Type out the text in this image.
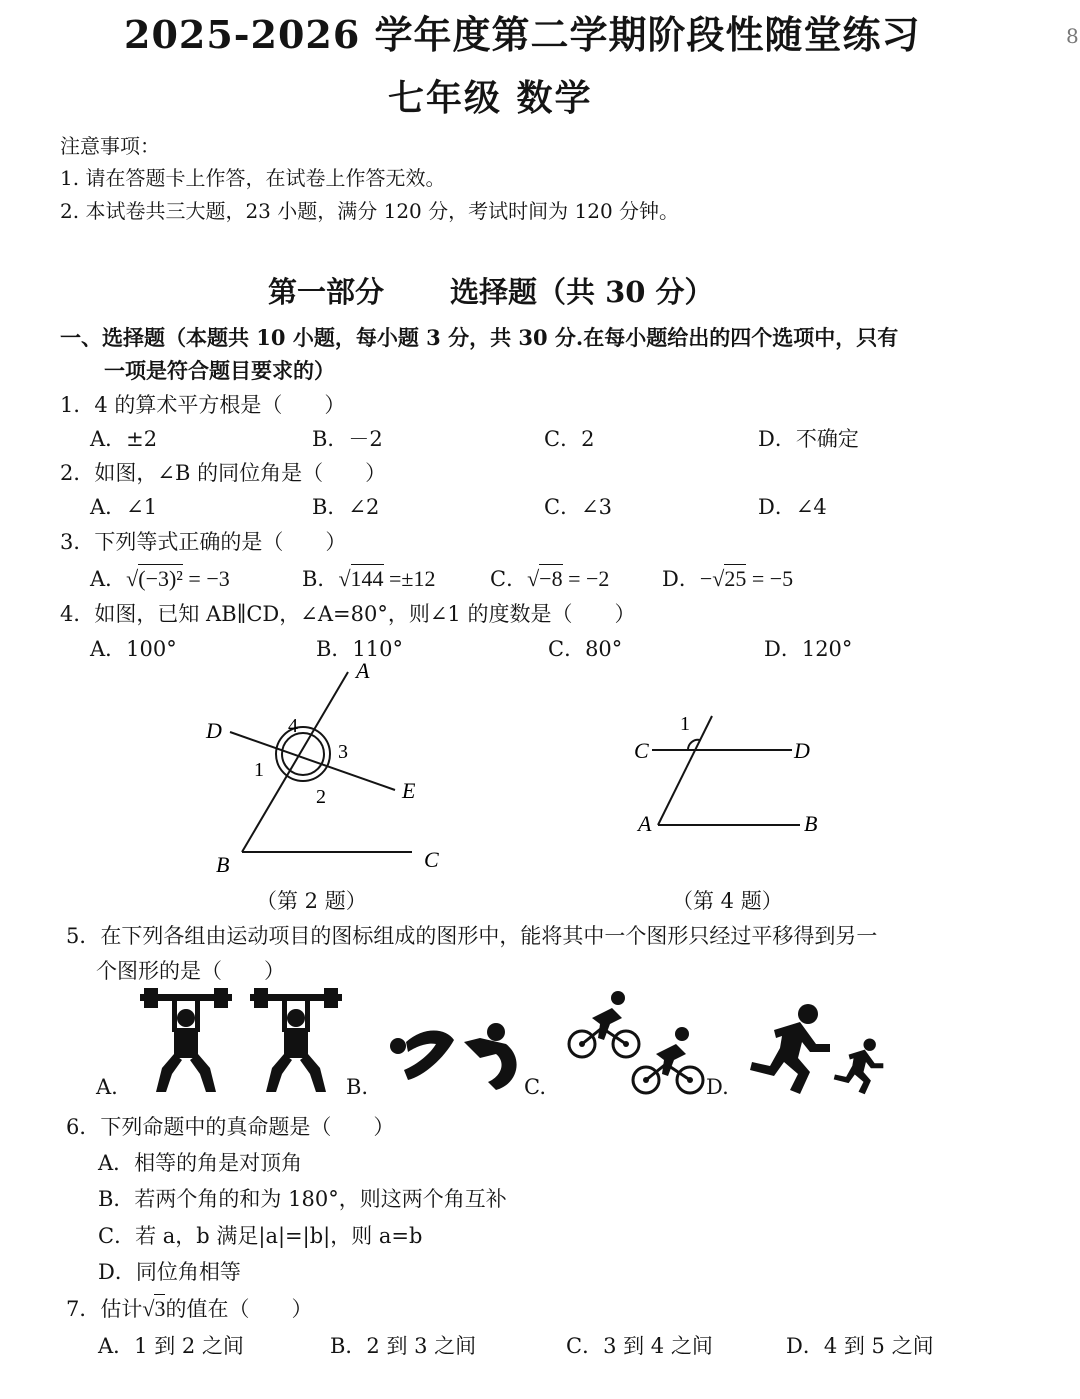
2025-2026 学年度第二学期阶段性随堂练习
七年级 数学
8
注意事项：
1. 请在答题卡上作答，在试卷上作答无效。
2. 本试卷共三大题，23 小题，满分 120 分，考试时间为 120 分钟。
第一部分 选择题（共 30 分）
一、选择题（本题共 10 小题，每小题 3 分，共 30 分.在每小题给出的四个选项中，只有
一项是符合题目要求的）
1．4 的算术平方根是（　　）
A．±2	B．－2	C．2	D．不确定
2．如图，∠B 的同位角是（　　）
A．∠1	B．∠2	C．∠3	D．∠4
3．下列等式正确的是（　　）
A．√(−3)² = −3	B．√144 =±12	C．√−8 = −2	D．−√25 = −5
4．如图，已知 AB∥CD，∠A=80°，则∠1 的度数是（　　）
A．100°	B．110°	C．80°	D．120°
A
D
E
B	C
1
2
3
4
（第 2 题）
C	D
A	B
1
（第 4 题）
5．在下列各组由运动项目的图标组成的图形中，能将其中一个图形只经过平移得到另一
个图形的是（　　）
A.	B.	C.	D.
6．下列命题中的真命题是（　　）
A．相等的角是对顶角
B．若两个角的和为 180°，则这两个角互补
C．若 a，b 满足|a|=|b|，则 a=b
D．同位角相等
7．估计√3的值在（　　）
A．1 到 2 之间	B．2 到 3 之间	C．3 到 4 之间	D．4 到 5 之间
